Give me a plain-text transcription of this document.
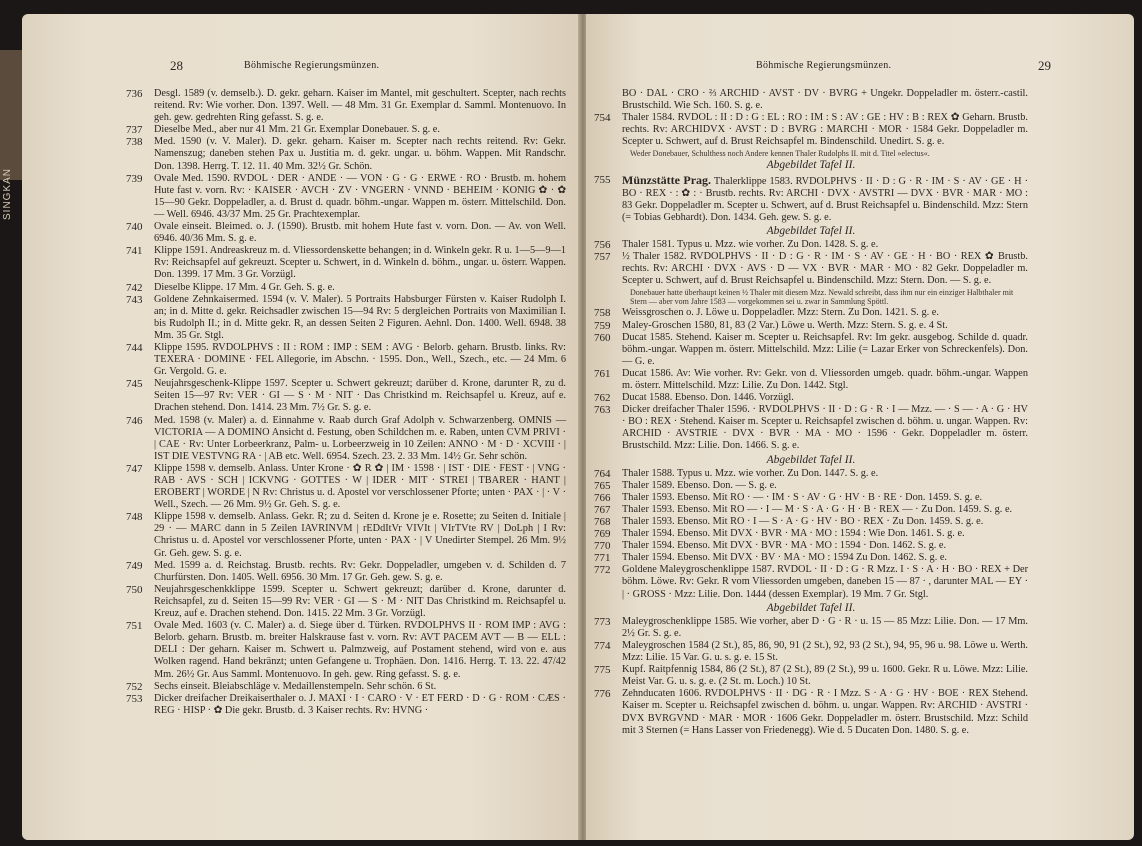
SINGKAN
28	Böhmische Regierungsmünzen.
736 Desgl. 1589 (v. demselb.). D. gekr. geharn. Kaiser im Mantel, mit geschultert. Scepter, nach rechts reitend. Rv: Wie vorher. Don. 1397. Well. — 48 Mm. 31 Gr. Exemplar d. Samml. Montenuovo. In geh. gew. gedrehten Ring gefasst. S. g. e.
737 Dieselbe Med., aber nur 41 Mm. 21 Gr. Exemplar Donebauer. S. g. e.
738 Med. 1590 (v. V. Maler). D. gekr. geharn. Kaiser m. Scepter nach rechts reitend. Rv: Gekr. Namenszug; daneben stehen Pax u. Justitia m. d. gekr. ungar. u. böhm. Wappen. Mit Randschr. Don. 1398. Herrg. T. 12. 11. 40 Mm. 32½ Gr. Schön.
739 Ovale Med. 1590. RVDOL · DER · ANDE · — VON · G · G · ERWE · RO · Brustb. m. hohem Hute fast v. vorn. Rv: · KAISER · AVCH · ZV · VNGERN · VNND · BEHEIM · KONIG ✿ · ✿ 15—90 Gekr. Doppeladler, a. d. Brust d. quadr. böhm.-ungar. Wappen m. österr. Mittelschild. Don. — Well. 6946. 43/37 Mm. 25 Gr. Prachtexemplar.
740 Ovale einseit. Bleimed. o. J. (1590). Brustb. mit hohem Hute fast v. vorn. Don. — Av. von Well. 6946. 40/36 Mm. S. g. e.
741 Klippe 1591. Andreaskreuz m. d. Vliessordenskette behangen; in d. Winkeln gekr. R u. 1—5—9—1 Rv: Reichsapfel auf gekreuzt. Scepter u. Schwert, in d. Winkeln d. böhm., ungar. u. österr. Wappen. Don. 1399. 17 Mm. 3 Gr. Vorzügl.
742 Dieselbe Klippe. 17 Mm. 4 Gr. Geh. S. g. e.
743 Goldene Zehnkaisermed. 1594 (v. V. Maler). 5 Portraits Habsburger Fürsten v. Kaiser Rudolph I. an; in d. Mitte d. gekr. Reichsadler zwischen 15—94 Rv: 5 dergleichen Portraits von Maximilian I. bis Rudolph II.; in d. Mitte gekr. R, an dessen Seiten 2 Figuren. Aehnl. Don. 1400. Well. 6948. 38 Mm. 35 Gr. Stgl.
744 Klippe 1595. RVDOLPHVS : II : ROM : IMP : SEM : AVG · Belorb. geharn. Brustb. links. Rv: TEXERA · DOMINE · FEL Allegorie, im Abschn. · 1595. Don., Well., Szech., etc. — 24 Mm. 6 Gr. Vergold. G. e.
745 Neujahrsgeschenk-Klippe 1597. Scepter u. Schwert gekreuzt; darüber d. Krone, darunter R, zu d. Seiten 15—97 Rv: VER · GI — S · M · NIT · Das Christkind m. Reichsapfel u. Kreuz, auf e. Drachen stehend. Don. 1414. 23 Mm. 7½ Gr. S. g. e.
746 Med. 1598 (v. Maler) a. d. Einnahme v. Raab durch Graf Adolph v. Schwarzenberg. OMNIS — VICTORIA — A DOMINO Ansicht d. Festung, oben Schildchen m. e. Raben, unten CVM PRIVI · | CAE · Rv: Unter Lorbeerkranz, Palm- u. Lorbeerzweig in 10 Zeilen: ANNO · M · D · XCVIII · | IST DIE VESTVNG RA · | AB etc. Well. 6954. Szech. 23. 2. 33 Mm. 14½ Gr. Sehr schön.
747 Klippe 1598 v. demselb. Anlass. Unter Krone · ✿ R ✿ | IM · 1598 · | IST · DIE · FEST · | VNG · RAB · AVS · SCH | ICKVNG · GOTTES · W | IDER · MIT · STREI | TBARER · HANT | EROBERT | WORDE | N Rv: Christus u. d. Apostel vor verschlossener Pforte; unten · PAX · | · V · Well., Szech. — 26 Mm. 9½ Gr. Geh. S. g. e.
748 Klippe 1598 v. demselb. Anlass. Gekr. R; zu d. Seiten d. Krone je e. Rosette; zu Seiten d. Initiale | 29 · — MARC dann in 5 Zeilen IAVRINVM | rEDdItVr VIVIt | VIrTVte RV | DoLph | I Rv: Christus u. d. Apostel vor verschlossener Pforte, unten · PAX · | V Unedirter Stempel. 26 Mm. 9½ Gr. Geh. gew. S. g. e.
749 Med. 1599 a. d. Reichstag. Brustb. rechts. Rv: Gekr. Doppeladler, umgeben v. d. Schilden d. 7 Churfürsten. Don. 1405. Well. 6956. 30 Mm. 17 Gr. Geh. gew. S. g. e.
750 Neujahrsgeschenkklippe 1599. Scepter u. Schwert gekreuzt; darüber d. Krone, darunter d. Reichsapfel, zu d. Seiten 15—99 Rv: VER · GI — S · M · NIT Das Christkind m. Reichsapfel u. Kreuz, auf e. Drachen stehend. Don. 1415. 22 Mm. 3 Gr. Vorzügl.
751 Ovale Med. 1603 (v. C. Maler) a. d. Siege über d. Türken. RVDOLPHVS II · ROM IMP : AVG : Belorb. geharn. Brustb. m. breiter Halskrause fast v. vorn. Rv: AVT PACEM AVT — B — ELL : DELI : Der geharn. Kaiser m. Schwert u. Palmzweig, auf Postament stehend, wird von e. aus Wolken ragend. Hand bekränzt; unten Gefangene u. Trophäen. Don. 1416. Herrg. T. 13. 22. 47/42 Mm. 26½ Gr. Aus Samml. Montenuovo. In geh. gew. Ring gefasst. S. g. e.
752 Sechs einseit. Bleiabschläge v. Medaillenstempeln. Sehr schön. 6 St.
753 Dicker dreifacher Dreikaiserthaler o. J. MAXI · I · CARO · V · ET FERD · D · G · ROM · CÆS · REG · HISP · ✿ Die gekr. Brustb. d. 3 Kaiser rechts. Rv: HVNG ·
Böhmische Regierungsmünzen.	29
BO · DAL · CRO · ⅔ ARCHID · AVST · DV · BVRG + Ungekr. Doppeladler m. österr.-castil. Brustschild. Wie Sch. 160. S. g. e.
754 Thaler 1584. RVDOL : II : D : G : EL : RO : IM : S : AV : GE : HV : B : REX ✿ Geharn. Brustb. rechts. Rv: ARCHIDVX · AVST : D : BVRG : MARCHI · MOR · 1584 Gekr. Doppeladler m. Scepter u. Schwert, auf d. Brust Reichsapfel m. Bindenschild. Unedirt. S. g. e.
Weder Donebauer, Schulthess noch Andere kennen Thaler Rudolphs II. mit d. Titel »electus«.
Abgebildet Tafel II.
755 Münzstätte Prag. Thalerklippe 1583. RVDOLPHVS · II · D : G · R · IM · S · AV · GE · H · BO · REX · : ✿ : · Brustb. rechts. Rv: ARCHI · DVX · AVSTRI — DVX · BVR · MAR · MO : 83 Gekr. Doppeladler m. Scepter u. Schwert, auf d. Brust Reichsapfel u. Bindenschild. Mzz: Stern (= Tobias Gebhardt). Don. 1434. Geh. gew. S. g. e.
Abgebildet Tafel II.
756 Thaler 1581. Typus u. Mzz. wie vorher. Zu Don. 1428. S. g. e.
757 ½ Thaler 1582. RVDOLPHVS · II · D : G · R · IM · S · AV · GE · H · BO · REX ✿ Brustb. rechts. Rv: ARCHI · DVX · AVS · D — VX · BVR · MAR · MO · 82 Gekr. Doppeladler m. Scepter u. Schwert, auf d. Brust Reichsapfel u. Bindenschild. Mzz: Stern. Don. — S. g. e.
Donebauer hatte überhaupt keinen ½ Thaler mit diesem Mzz. Newald schreibt, dass ihm nur ein einziger Halbthaler mit Stern — aber vom Jahre 1583 — vorgekommen sei u. zwar in Sammlung Spöttl.
758 Weissgroschen o. J. Löwe u. Doppeladler. Mzz: Stern. Zu Don. 1421. S. g. e.
759 Maley-Groschen 1580, 81, 83 (2 Var.) Löwe u. Werth. Mzz: Stern. S. g. e. 4 St.
760 Ducat 1585. Stehend. Kaiser m. Scepter u. Reichsapfel. Rv: Im gekr. ausgebog. Schilde d. quadr. böhm.-ungar. Wappen m. österr. Mittelschild. Mzz: Lilie (= Lazar Erker von Schreckenfels). Don. — G. e.
761 Ducat 1586. Av: Wie vorher. Rv: Gekr. von d. Vliessorden umgeb. quadr. böhm.-ungar. Wappen m. österr. Mittelschild. Mzz: Lilie. Zu Don. 1442. Stgl.
762 Ducat 1588. Ebenso. Don. 1446. Vorzügl.
763 Dicker dreifacher Thaler 1596. · RVDOLPHVS · II · D : G · R · I — Mzz. — · S — · A · G · HV · BO : REX · Stehend. Kaiser m. Scepter u. Reichsapfel zwischen d. böhm. u. ungar. Wappen. Rv: ARCHID · AVSTRIE · DVX · BVR · MA · MO · 1596 · Gekr. Doppeladler m. österr. Brustschild. Mzz: Lilie. Don. 1466. S. g. e.
Abgebildet Tafel II.
764 Thaler 1588. Typus u. Mzz. wie vorher. Zu Don. 1447. S. g. e.
765 Thaler 1589. Ebenso. Don. — S. g. e.
766 Thaler 1593. Ebenso. Mit RO · — · IM · S · AV · G · HV · B · RE · Don. 1459. S. g. e.
767 Thaler 1593. Ebenso. Mit RO — · I — M · S · A · G · H · B · REX — · Zu Don. 1459. S. g. e.
768 Thaler 1593. Ebenso. Mit RO · I — S · A · G · HV · BO · REX · Zu Don. 1459. S. g. e.
769 Thaler 1594. Ebenso. Mit DVX · BVR · MA · MO : 1594 : Wie Don. 1461. S. g. e.
770 Thaler 1594. Ebenso. Mit DVX · BVR · MA · MO : 1594 · Don. 1462. S. g. e.
771 Thaler 1594. Ebenso. Mit DVX · BV · MA · MO : 1594 Zu Don. 1462. S. g. e.
772 Goldene Maleygroschenklippe 1587. RVDOL · II · D : G · R Mzz. I · S · A · H · BO · REX + Der böhm. Löwe. Rv: Gekr. R vom Vliessorden umgeben, daneben 15 — 87 · , darunter MAL — EY · | · GROSS · Mzz: Lilie. Don. 1444 (dessen Exemplar). 19 Mm. 7 Gr. Stgl.
Abgebildet Tafel II.
773 Maleygroschenklippe 1585. Wie vorher, aber D · G · R · u. 15 — 85 Mzz: Lilie. Don. — 17 Mm. 2½ Gr. S. g. e.
774 Maleygroschen 1584 (2 St.), 85, 86, 90, 91 (2 St.), 92, 93 (2 St.), 94, 95, 96 u. 98. Löwe u. Werth. Mzz: Lilie. 15 Var. G. u. s. g. e. 15 St.
775 Kupf. Raitpfennig 1584, 86 (2 St.), 87 (2 St.), 89 (2 St.), 99 u. 1600. Gekr. R u. Löwe. Mzz: Lilie. Meist Var. G. u. s. g. e. (2 St. m. Loch.) 10 St.
776 Zehnducaten 1606. RVDOLPHVS · II · DG · R · I Mzz. S · A · G · HV · BOE · REX Stehend. Kaiser m. Scepter u. Reichsapfel zwischen d. böhm. u. ungar. Wappen. Rv: ARCHID · AVSTRI · DVX BVRGVND · MAR · MOR · 1606 Gekr. Doppeladler m. österr. Brustschild. Mzz: Schild mit 3 Sternen (= Hans Lasser von Friedenegg). Wie d. 5 Ducaten Don. 1480. S. g. e.
